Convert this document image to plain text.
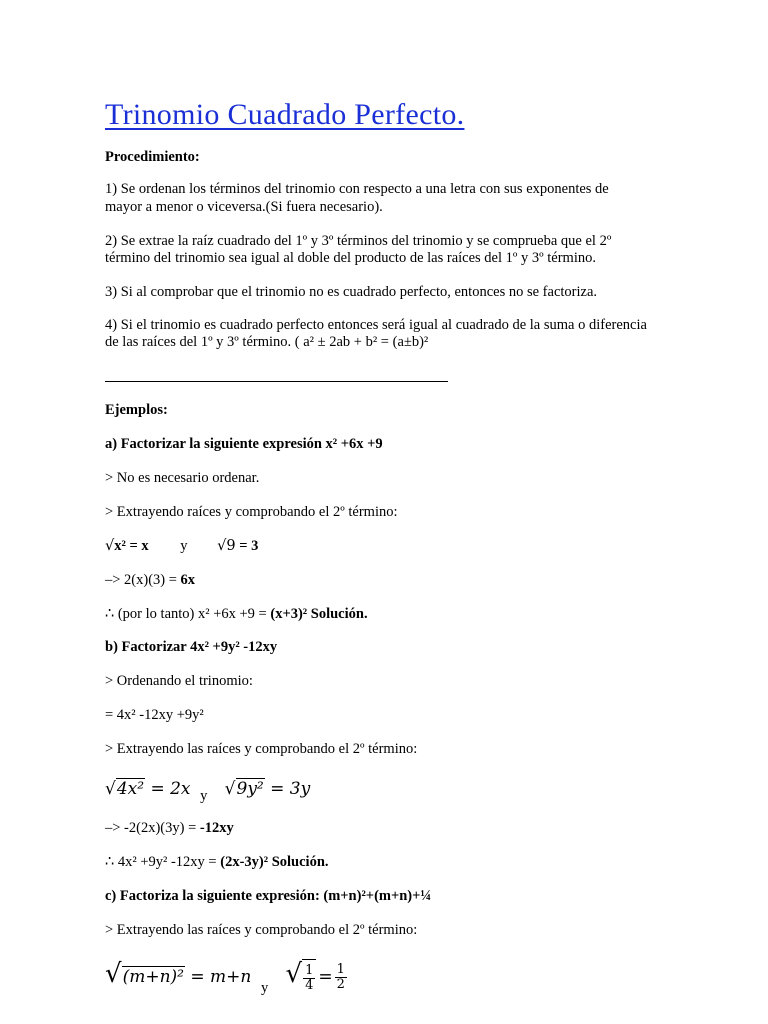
Trinomio Cuadrado Perfecto.
Procedimiento:
1) Se ordenan los términos del trinomio con respecto a una letra con sus exponentes de
mayor a menor o viceversa.(Si fuera necesario).
2) Se extrae la raíz cuadrado del 1º y 3º términos del trinomio y se comprueba que el 2º
término del trinomio sea igual al doble del producto de las raíces del 1º y 3º término.
3) Si al comprobar que el trinomio no es cuadrado perfecto, entonces no se factoriza.
4) Si el trinomio es cuadrado perfecto entonces será igual al cuadrado de la suma o diferencia
de las raíces del 1º y 3º término. ( a² ± 2ab + b² = (a±b)²
Ejemplos:
a) Factorizar la siguiente expresión x² +6x +9
> No es necesario ordenar.
> Extrayendo raíces y comprobando el 2º término:
√x² = x y √9 = 3
–> 2(x)(3) = 6x
∴ (por lo tanto) x² +6x +9 = (x+3)² Solución.
b) Factorizar 4x² +9y² -12xy
> Ordenando el trinomio:
= 4x² -12xy +9y²
> Extrayendo las raíces y comprobando el 2º término:
√4x² = 2x y √9y² = 3y
–> -2(2x)(3y) = -12xy
∴ 4x² +9y² -12xy = (2x-3y)² Solución.
c) Factoriza la siguiente expresión: (m+n)²+(m+n)+¼
> Extrayendo las raíces y comprobando el 2º término:
√(m+n)² = m+n y √ $\frac{1}{4} = \frac{1}{2}$
